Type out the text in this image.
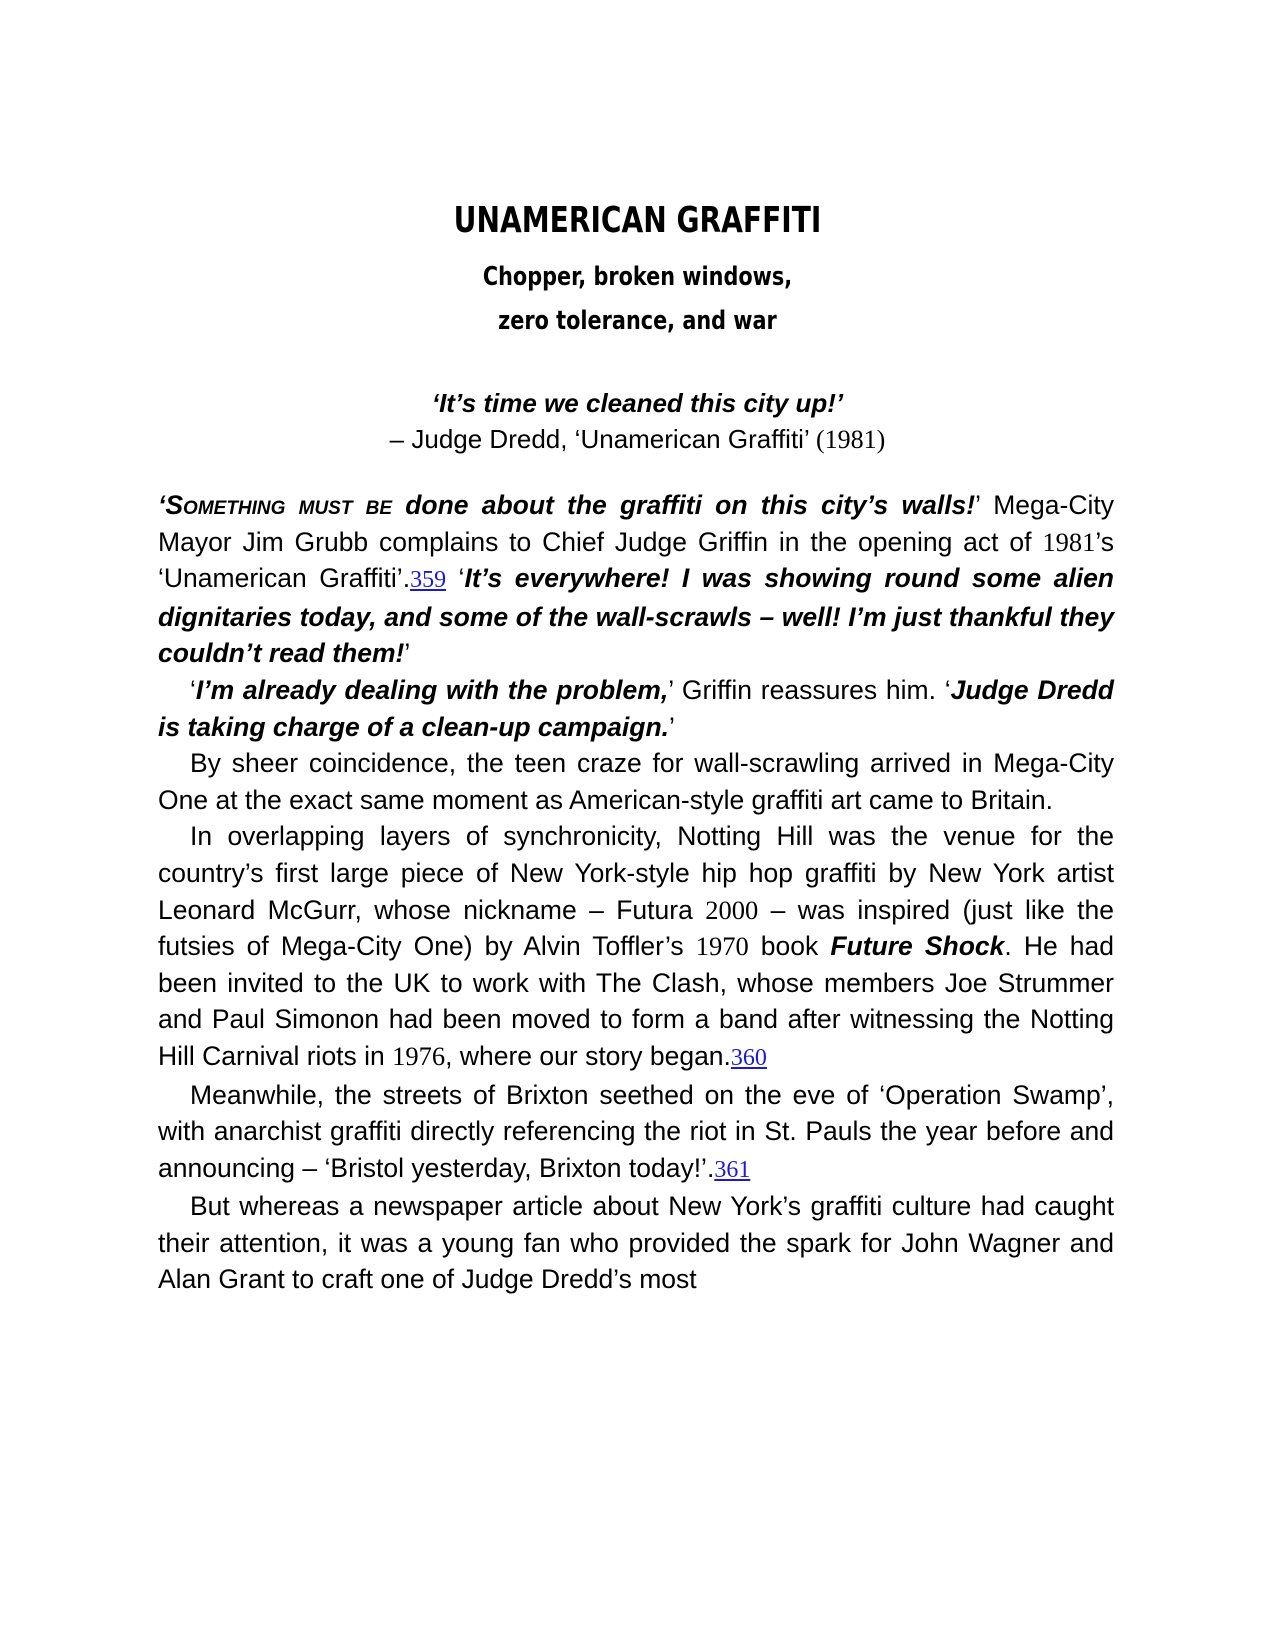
UNAMERICAN GRAFFITI
Chopper, broken windows,
zero tolerance, and war
‘It’s time we cleaned this city up!’
– Judge Dredd, ‘Unamerican Graffiti’ (1981)

‘Something must be done about the graffiti on this city’s walls!’ Mega-City Mayor Jim Grubb complains to Chief Judge Griffin in the opening act of 1981’s ‘Unamerican Graffiti’.359 ‘It’s everywhere! I was showing round some alien dignitaries today, and some of the wall-scrawls – well! I’m just thankful they couldn’t read them!’

‘I’m already dealing with the problem,’ Griffin reassures him. ‘Judge Dredd is taking charge of a clean-up campaign.’

By sheer coincidence, the teen craze for wall-scrawling arrived in Mega-City One at the exact same moment as American-style graffiti art came to Britain.

In overlapping layers of synchronicity, Notting Hill was the venue for the country’s first large piece of New York-style hip hop graffiti by New York artist Leonard McGurr, whose nickname – Futura 2000 – was inspired (just like the futsies of Mega-City One) by Alvin Toffler’s 1970 book Future Shock. He had been invited to the UK to work with The Clash, whose members Joe Strummer and Paul Simonon had been moved to form a band after witnessing the Notting Hill Carnival riots in 1976, where our story began.360

Meanwhile, the streets of Brixton seethed on the eve of ‘Operation Swamp’, with anarchist graffiti directly referencing the riot in St. Pauls the year before and announcing – ‘Bristol yesterday, Brixton today!’.361

But whereas a newspaper article about New York’s graffiti culture had caught their attention, it was a young fan who provided the spark for John Wagner and Alan Grant to craft one of Judge Dredd’s most
